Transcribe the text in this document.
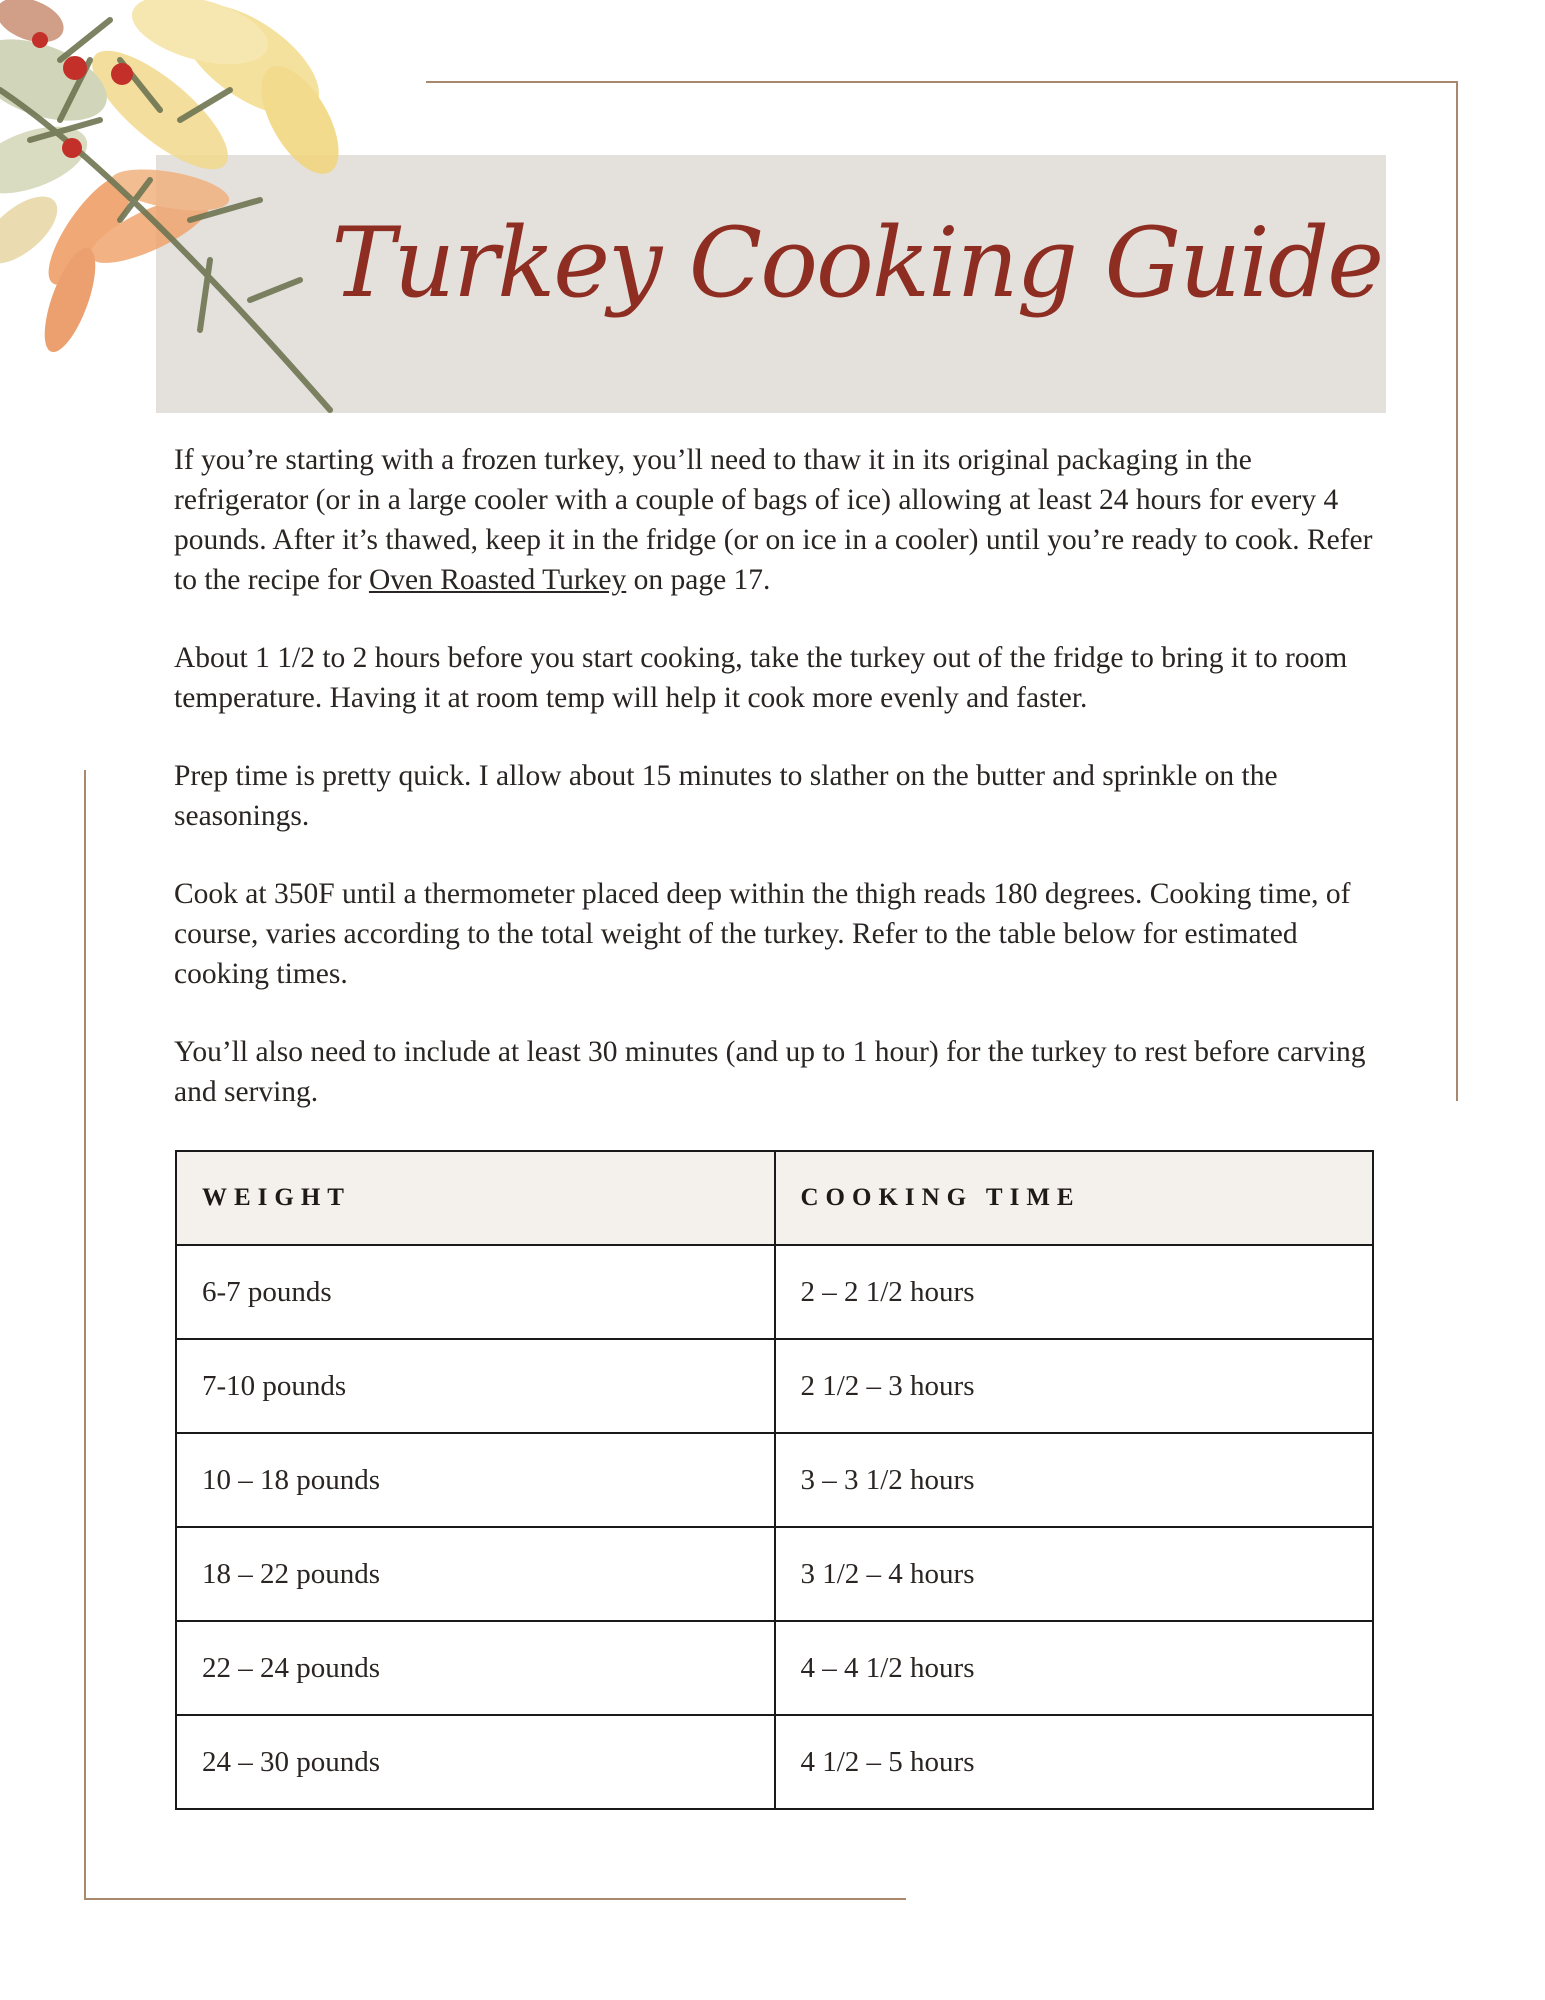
Turkey Cooking Guide

If you’re starting with a frozen turkey, you’ll need to thaw it in its original packaging in the refrigerator (or in a large cooler with a couple of bags of ice) allowing at least 24 hours for every 4 pounds. After it’s thawed, keep it in the fridge (or on ice in a cooler) until you’re ready to cook. Refer to the recipe for Oven Roasted Turkey on page 17.

About 1 1/2 to 2 hours before you start cooking, take the turkey out of the fridge to bring it to room temperature. Having it at room temp will help it cook more evenly and faster.

Prep time is pretty quick. I allow about 15 minutes to slather on the butter and sprinkle on the seasonings.

Cook at 350F until a thermometer placed deep within the thigh reads 180 degrees. Cooking time, of course, varies according to the total weight of the turkey. Refer to the table below for estimated cooking times.

You’ll also need to include at least 30 minutes (and up to 1 hour) for the turkey to rest before carving and serving.

WEIGHT	COOKING TIME
6-7 pounds	2 – 2 1/2 hours
7-10 pounds	2 1/2 – 3 hours
10 – 18 pounds	3 – 3 1/2 hours
18 – 22 pounds	3 1/2 – 4 hours
22 – 24 pounds	4 – 4 1/2 hours
24 – 30 pounds	4 1/2 – 5 hours
